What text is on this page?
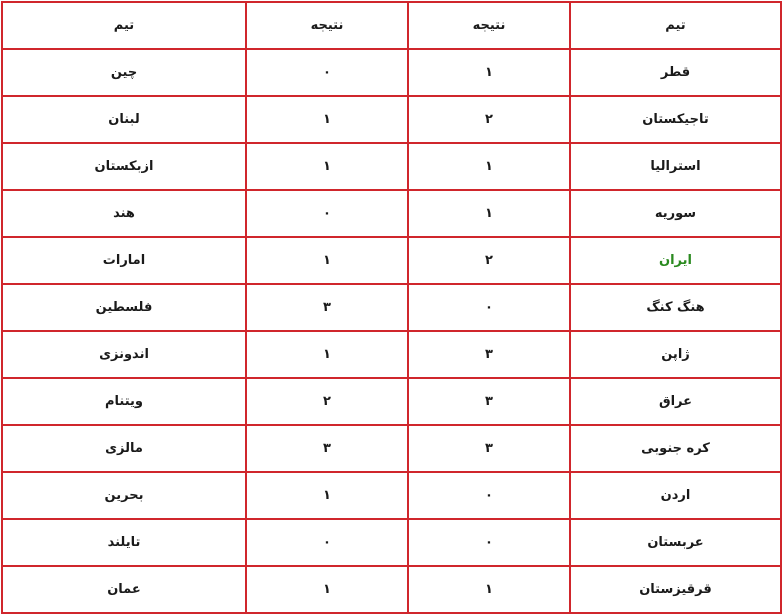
تیم	نتیجه	نتیجه	تیم
قطر	۱	۰	چین
تاجیکستان	۲	۱	لبنان
استرالیا	۱	۱	ازبکستان
سوریه	۱	۰	هند
ایران	۲	۱	امارات
هنگ کنگ	۰	۳	فلسطین
ژاپن	۳	۱	اندونزی
عراق	۳	۲	ویتنام
کره جنوبی	۳	۳	مالزی
اردن	۰	۱	بحرین
عربستان	۰	۰	تایلند
قرقیزستان	۱	۱	عمان
